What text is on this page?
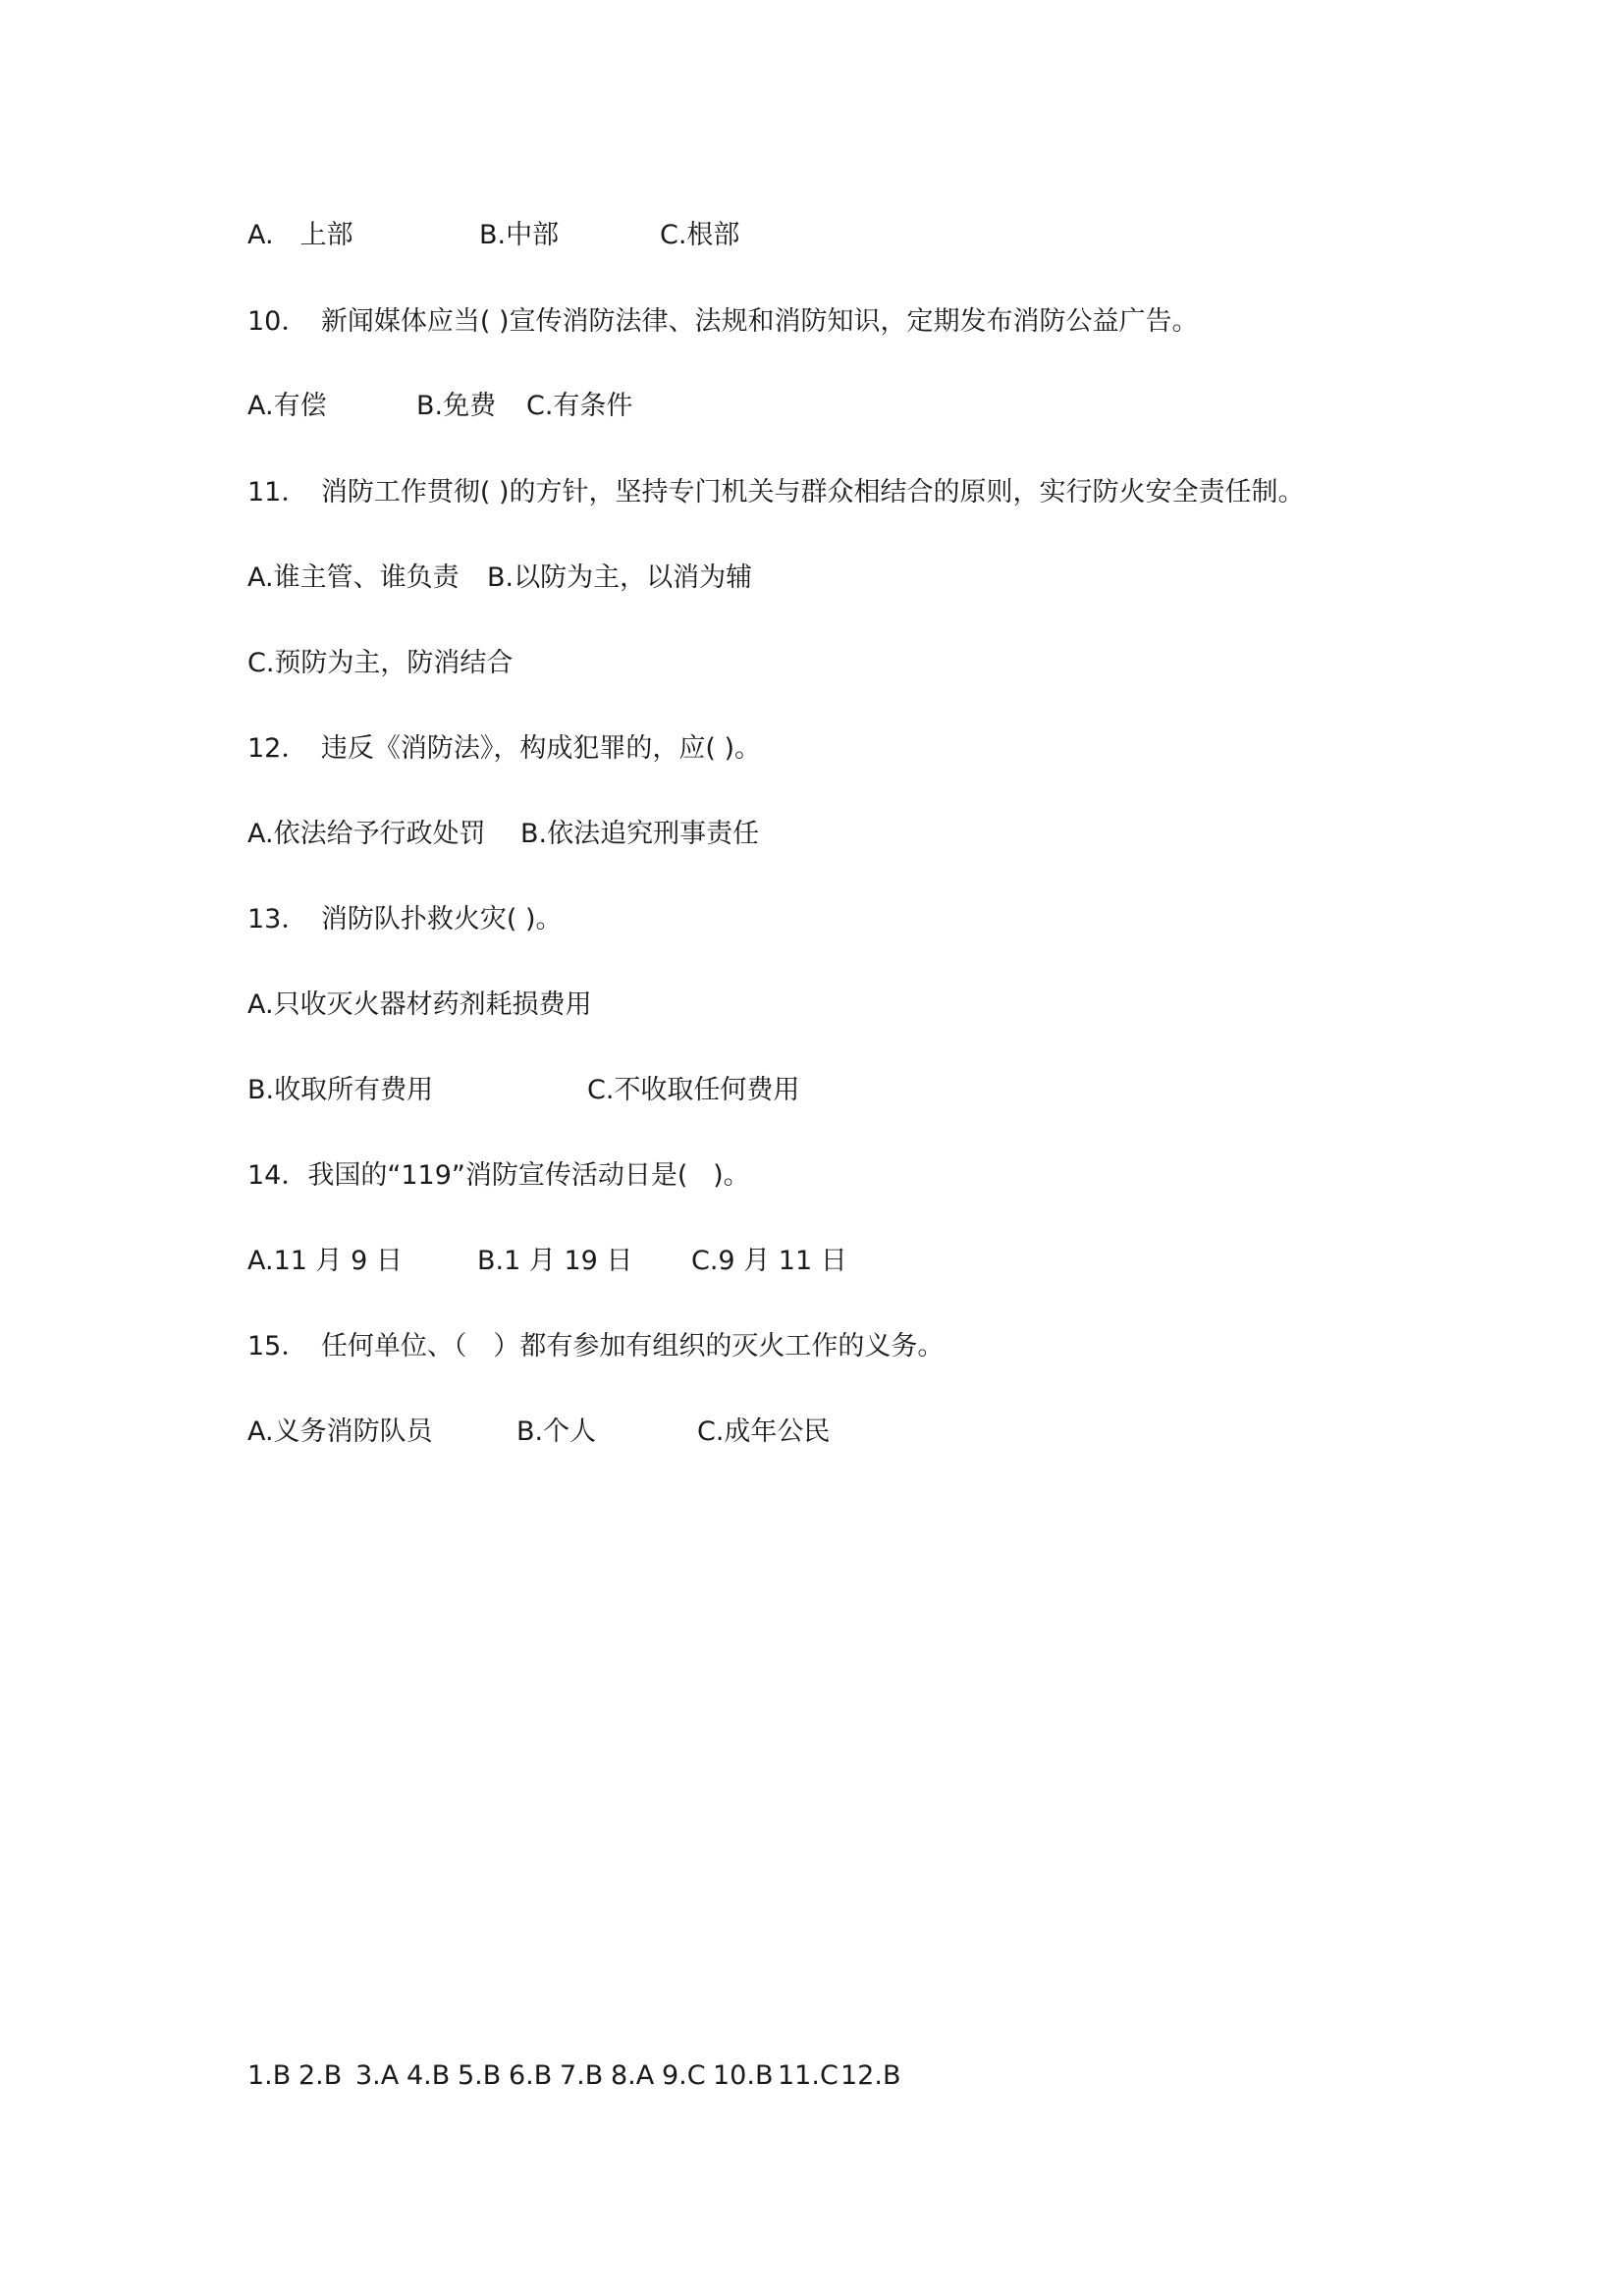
A.　上部	B.中部	C.根部
10．　新闻媒体应当( )宣传消防法律、法规和消防知识，定期发布消防公益广告。
A.有偿	B.免费 C.有条件
11．　消防工作贯彻( )的方针，坚持专门机关与群众相结合的原则，实行防火安全责任制。
A.谁主管、谁负责 B.以防为主，以消为辅
C.预防为主，防消结合
12．　违反《消防法》，构成犯罪的，应( )。
A.依法给予行政处罚 B.依法追究刑事责任
13．　消防队扑救火灾( )。
A.只收灭火器材药剂耗损费用
B.收取所有费用	C.不收取任何费用
14．我国的“119”消防宣传活动日是(   )。
A.11 月 9 日	B.1 月 19 日 C.9 月 11 日
15．　任何单位、（　）都有参加有组织的灭火工作的义务。
A.义务消防队员	B.个人	C.成年公民
1.B 2.B 3.A 4.B 5.B 6.B 7.B 8.A 9.C 10.B 11.C 12.B
